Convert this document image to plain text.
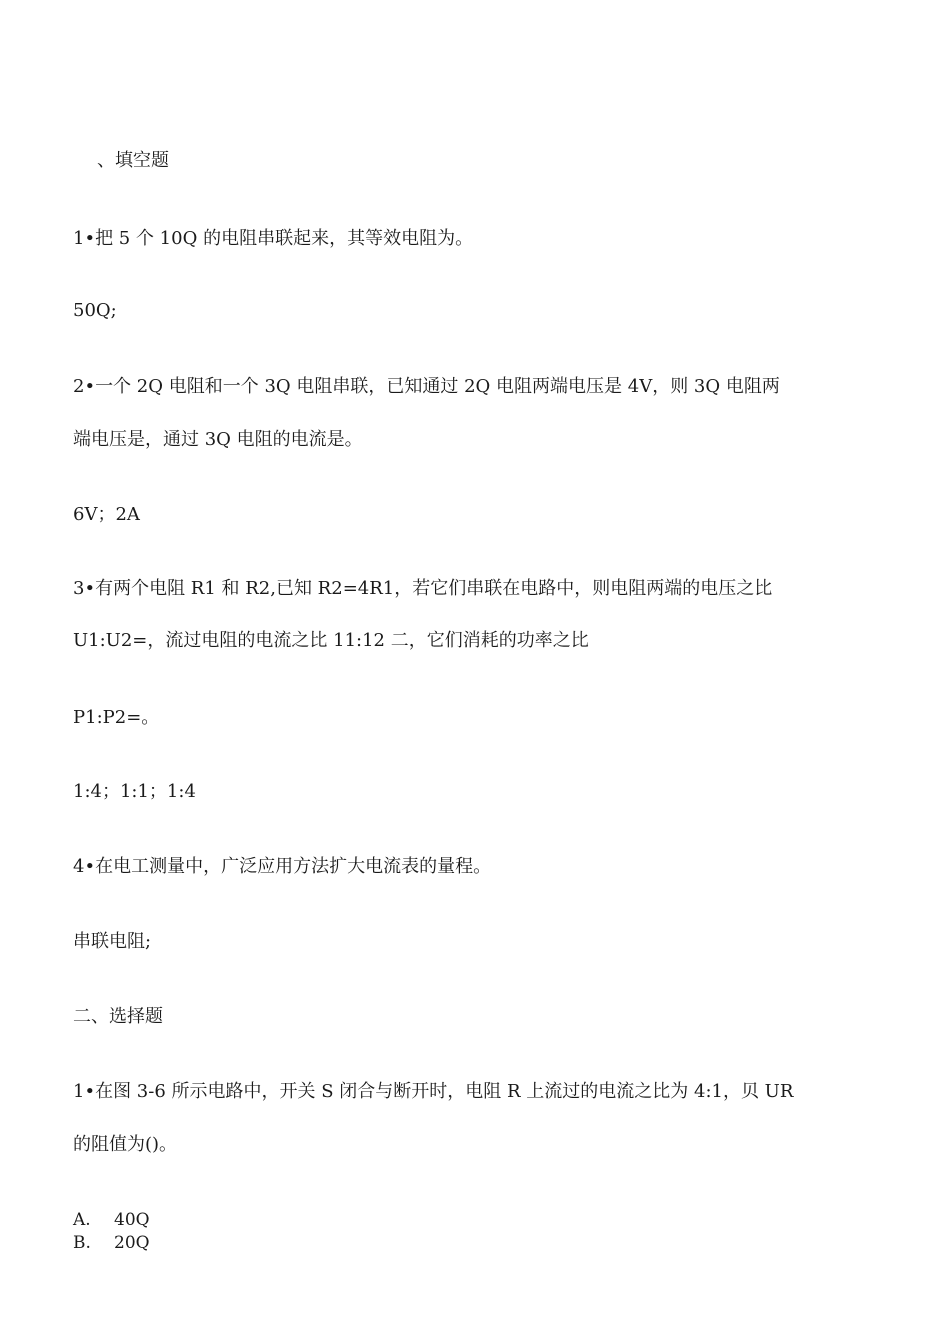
、填空题
1•把 5 个 10Q 的电阻串联起来，其等效电阻为。
50Q;
2•一个 2Q 电阻和一个 3Q 电阻串联，已知通过 2Q 电阻两端电压是 4V，则 3Q 电阻两
端电压是，通过 3Q 电阻的电流是。
6V；2A
3•有两个电阻 R1 和 R2,已知 R2=4R1，若它们串联在电路中，则电阻两端的电压之比
U1:U2=，流过电阻的电流之比 11:12 二，它们消耗的功率之比
P1:P2=。
1:4；1:1；1:4
4•在电工测量中，广泛应用方法扩大电流表的量程。
串联电阻;
二、选择题
1•在图 3-6 所示电路中，开关 S 闭合与断开时，电阻 R 上流过的电流之比为 4:1，贝 UR
的阻值为()。
A. 40Q
B. 20Q
